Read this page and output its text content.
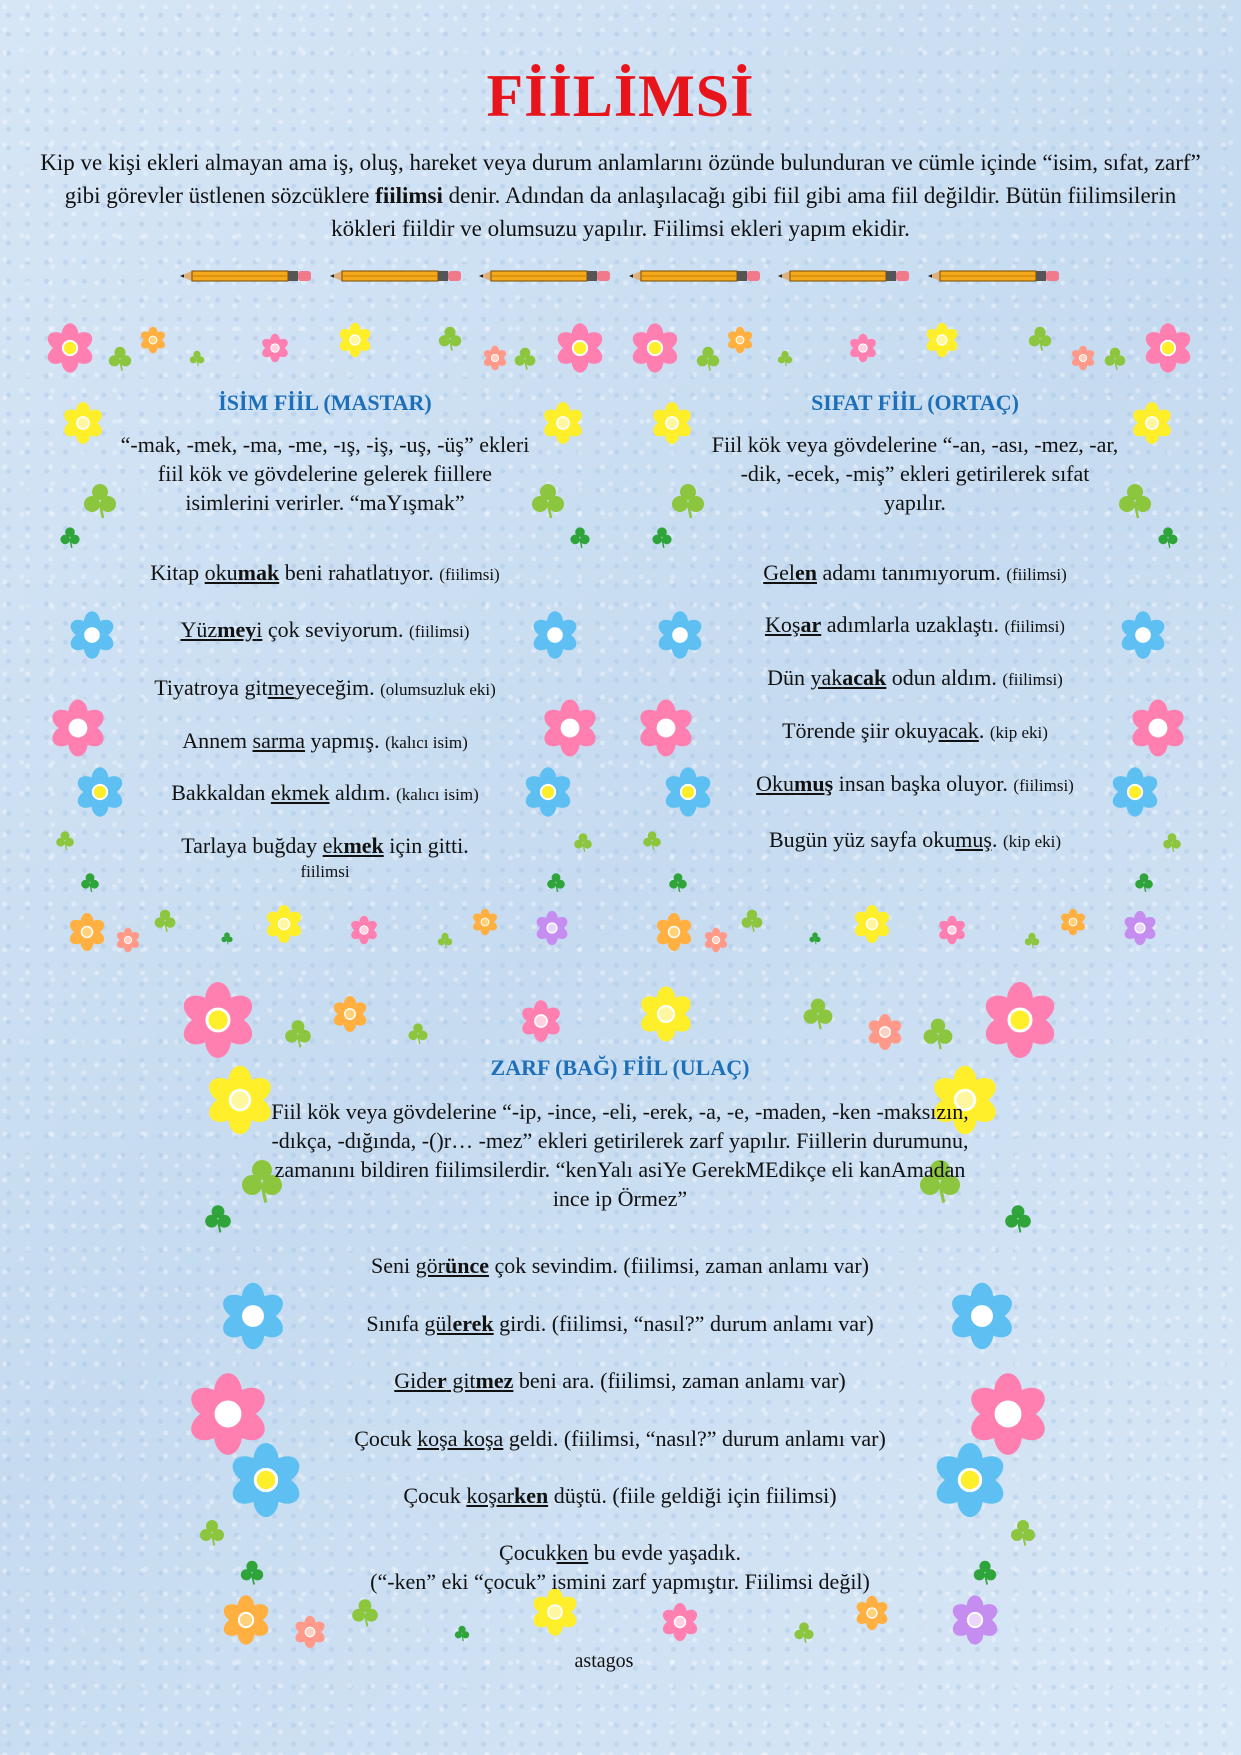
FİİLİMSİ
Kip ve kişi ekleri almayan ama iş, oluş, hareket veya durum anlamlarını özünde bulunduran ve cümle içinde “isim, sıfat, zarf” gibi görevler üstlenen sözcüklere fiilimsi denir. Adından da anlaşılacağı gibi fiil gibi ama fiil değildir. Bütün fiilimsilerin kökleri fiildir ve olumsuzu yapılır. Fiilimsi ekleri yapım ekidir.
İSİM FİİL (MASTAR)
“-mak, -mek, -ma, -me, -ış, -iş, -uş, -üş” ekleri fiil kök ve gövdelerine gelerek fiillere isimlerini verirler. “maYışmak”
Kitap okumak beni rahatlatıyor. (fiilimsi)
Yüzmeyi çok seviyorum. (fiilimsi)
Tiyatroya gitmeyeceğim. (olumsuzluk eki)
Annem sarma yapmış. (kalıcı isim)
Bakkaldan ekmek aldım. (kalıcı isim)
Tarlaya buğday ekmek için gitti.
fiilimsi
SIFAT FİİL (ORTAÇ)
Fiil kök veya gövdelerine “-an, -ası, -mez, -ar, -dik, -ecek, -miş” ekleri getirilerek sıfat yapılır.
Gelen adamı tanımıyorum. (fiilimsi)
Koşar adımlarla uzaklaştı. (fiilimsi)
Dün yakacak odun aldım. (fiilimsi)
Törende şiir okuyacak. (kip eki)
Okumuş insan başka oluyor. (fiilimsi)
Bugün yüz sayfa okumuş. (kip eki)
ZARF (BAĞ) FİİL (ULAÇ)
Fiil kök veya gövdelerine “-ip, -ince, -eli, -erek, -a, -e, -maden, -ken -maksızın, -dıkça, -dığında, -()r… -mez” ekleri getirilerek zarf yapılır. Fiillerin durumunu, zamanını bildiren fiilimsilerdir. “kenYalı asiYe GerekMEdikçe eli kanAmadan ince ip Örmez”
Seni görünce çok sevindim. (fiilimsi, zaman anlamı var)
Sınıfa gülerek girdi. (fiilimsi, “nasıl?” durum anlamı var)
Gider gitmez beni ara. (fiilimsi, zaman anlamı var)
Çocuk koşa koşa geldi. (fiilimsi, “nasıl?” durum anlamı var)
Çocuk koşarken düştü. (fiile geldiği için fiilimsi)
Çocukken bu evde yaşadık.
(“-ken” eki “çocuk” ismini zarf yapmıştır. Fiilimsi değil)
astagos
